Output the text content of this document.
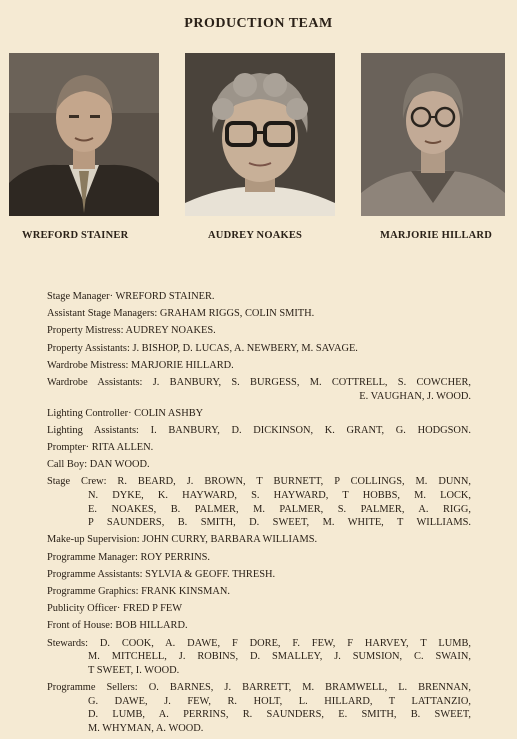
PRODUCTION TEAM
WREFORD STAINER	AUDREY NOAKES	MARJORIE HILLARD
Stage Manager· WREFORD STAINER.
Assistant Stage Managers: GRAHAM RIGGS, COLIN SMITH.
Property Mistress: AUDREY NOAKES.
Property Assistants: J. BISHOP, D. LUCAS, A. NEWBERY, M. SAVAGE.
Wardrobe Mistress: MARJORIE HILLARD.
Wardrobe Assistants: J. BANBURY, S. BURGESS, M. COTTRELL, S. COWCHER,
E. VAUGHAN, J. WOOD.
Lighting Controller· COLIN ASHBY
Lighting Assistants: I. BANBURY, D. DICKINSON, K. GRANT, G. HODGSON.
Prompter· RITA ALLEN.
Call Boy: DAN WOOD.
Stage Crew: R. BEARD, J. BROWN, T BURNETT, P COLLINGS, M. DUNN,
N. DYKE, K. HAYWARD, S. HAYWARD, T HOBBS, M. LOCK,
E. NOAKES, B. PALMER, M. PALMER, S. PALMER, A. RIGG,
P SAUNDERS, B. SMITH, D. SWEET, M. WHITE, T WILLIAMS.
Make-up Supervision: JOHN CURRY, BARBARA WILLIAMS.
Programme Manager: ROY PERRINS.
Programme Assistants: SYLVIA & GEOFF. THRESH.
Programme Graphics: FRANK KINSMAN.
Publicity Officer· FRED P FEW
Front of House: BOB HILLARD.
Stewards: D. COOK, A. DAWE, F DORE, F. FEW, F HARVEY, T LUMB,
M. MITCHELL, J. ROBINS, D. SMALLEY, J. SUMSION, C. SWAIN,
T SWEET, I. WOOD.
Programme Sellers: O. BARNES, J. BARRETT, M. BRAMWELL, L. BRENNAN,
G. DAWE, J. FEW, R. HOLT, L. HILLARD, T LATTANZIO,
D. LUMB, A. PERRINS, R. SAUNDERS, E. SMITH, B. SWEET,
M. WHYMAN, A. WOOD.
